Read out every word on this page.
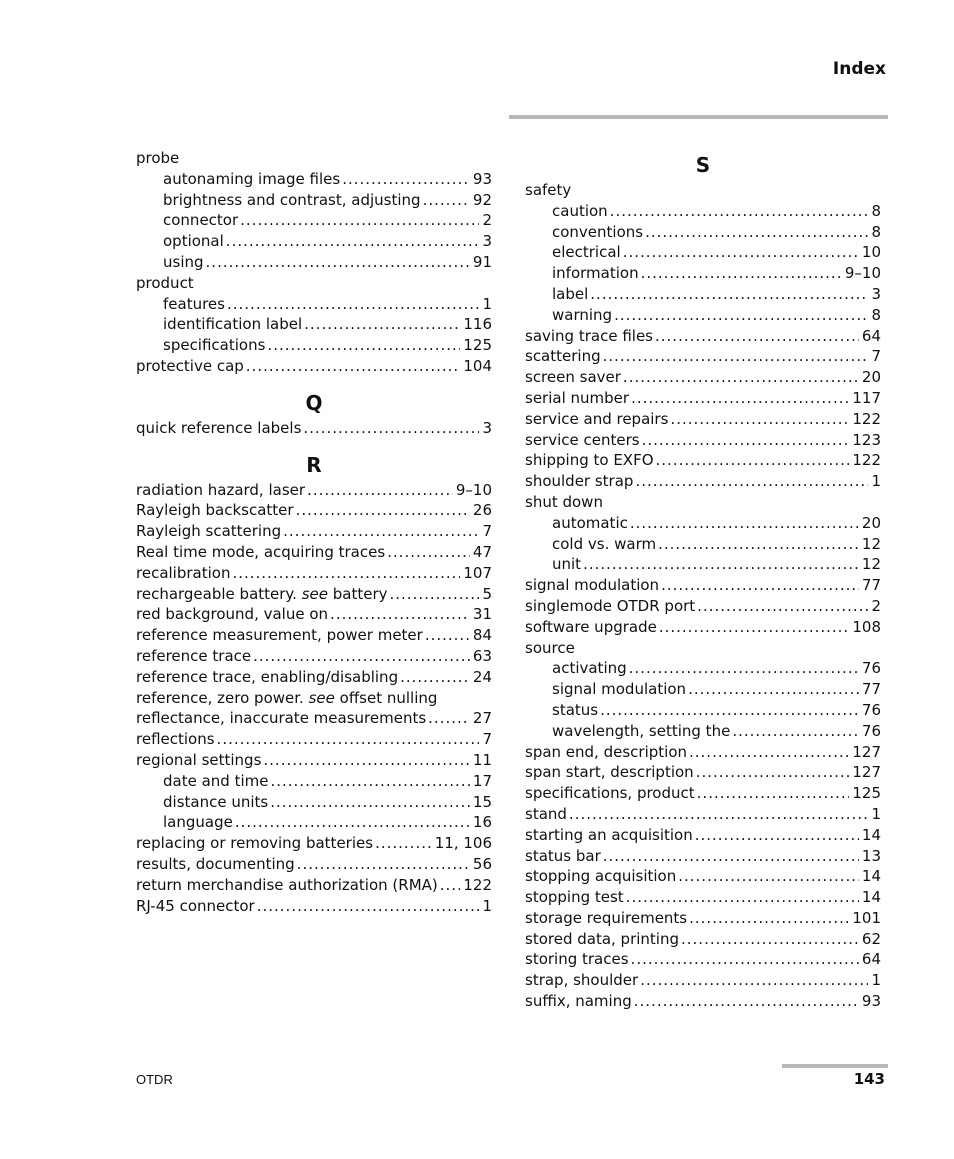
Index
probe
autonaming image files .....	93
brightness and contrast, adjusting .....	92
connector .....	2
optional .....	3
using .....	91
product
features .....	1
identification label .....	116
specifications .....	125
protective cap .....	104
Q
quick reference labels .....	3
R
radiation hazard, laser .....	9–10
Rayleigh backscatter .....	26
Rayleigh scattering .....	7
Real time mode, acquiring traces .....	47
recalibration .....	107
rechargeable battery. see battery .....	5
red background, value on .....	31
reference measurement, power meter .....	84
reference trace .....	63
reference trace, enabling/disabling .....	24
reference, zero power. see offset nulling
reflectance, inaccurate measurements .....	27
reflections .....	7
regional settings .....	11
date and time .....	17
distance units .....	15
language .....	16
replacing or removing batteries .....	11, 106
results, documenting .....	56
return merchandise authorization (RMA) ..... 122
RJ-45 connector .....	1
S
safety
caution .....	8
conventions .....	8
electrical .....	10
information .....	9–10
label .....	3
warning .....	8
saving trace files .....	64
scattering .....	7
screen saver .....	20
serial number .....	117
service and repairs .....	122
service centers .....	123
shipping to EXFO .....	122
shoulder strap .....	1
shut down
automatic .....	20
cold vs. warm .....	12
unit .....	12
signal modulation .....	77
singlemode OTDR port .....	2
software upgrade .....	108
source
activating .....	76
signal modulation .....	77
status .....	76
wavelength, setting the .....	76
span end, description .....	127
span start, description .....	127
specifications, product .....	125
stand .....	1
starting an acquisition .....	14
status bar .....	13
stopping acquisition .....	14
stopping test .....	14
storage requirements .....	101
stored data, printing .....	62
storing traces .....	64
strap, shoulder .....	1
suffix, naming .....	93
OTDR	143
